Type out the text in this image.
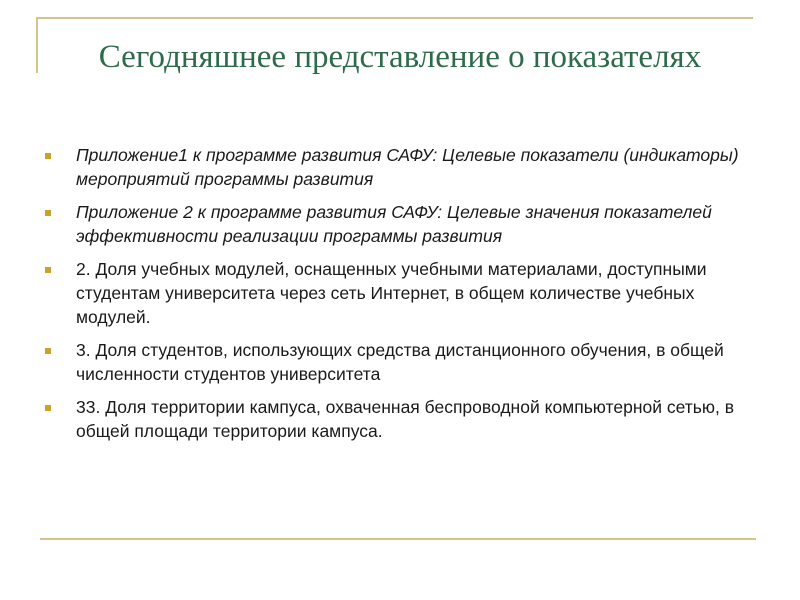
Сегодняшнее представление о показателях
Приложение1 к программе развития САФУ: Целевые показатели (индикаторы) мероприятий программы развития
Приложение 2 к программе развития САФУ: Целевые значения показателей эффективности реализации программы развития
2. Доля учебных модулей, оснащенных учебными материалами, доступными студентам университета через сеть Интернет, в общем количестве учебных модулей.
3. Доля студентов, использующих средства дистанционного обучения, в общей численности студентов университета
33. Доля территории кампуса, охваченная беспроводной компьютерной сетью, в общей площади территории кампуса.
